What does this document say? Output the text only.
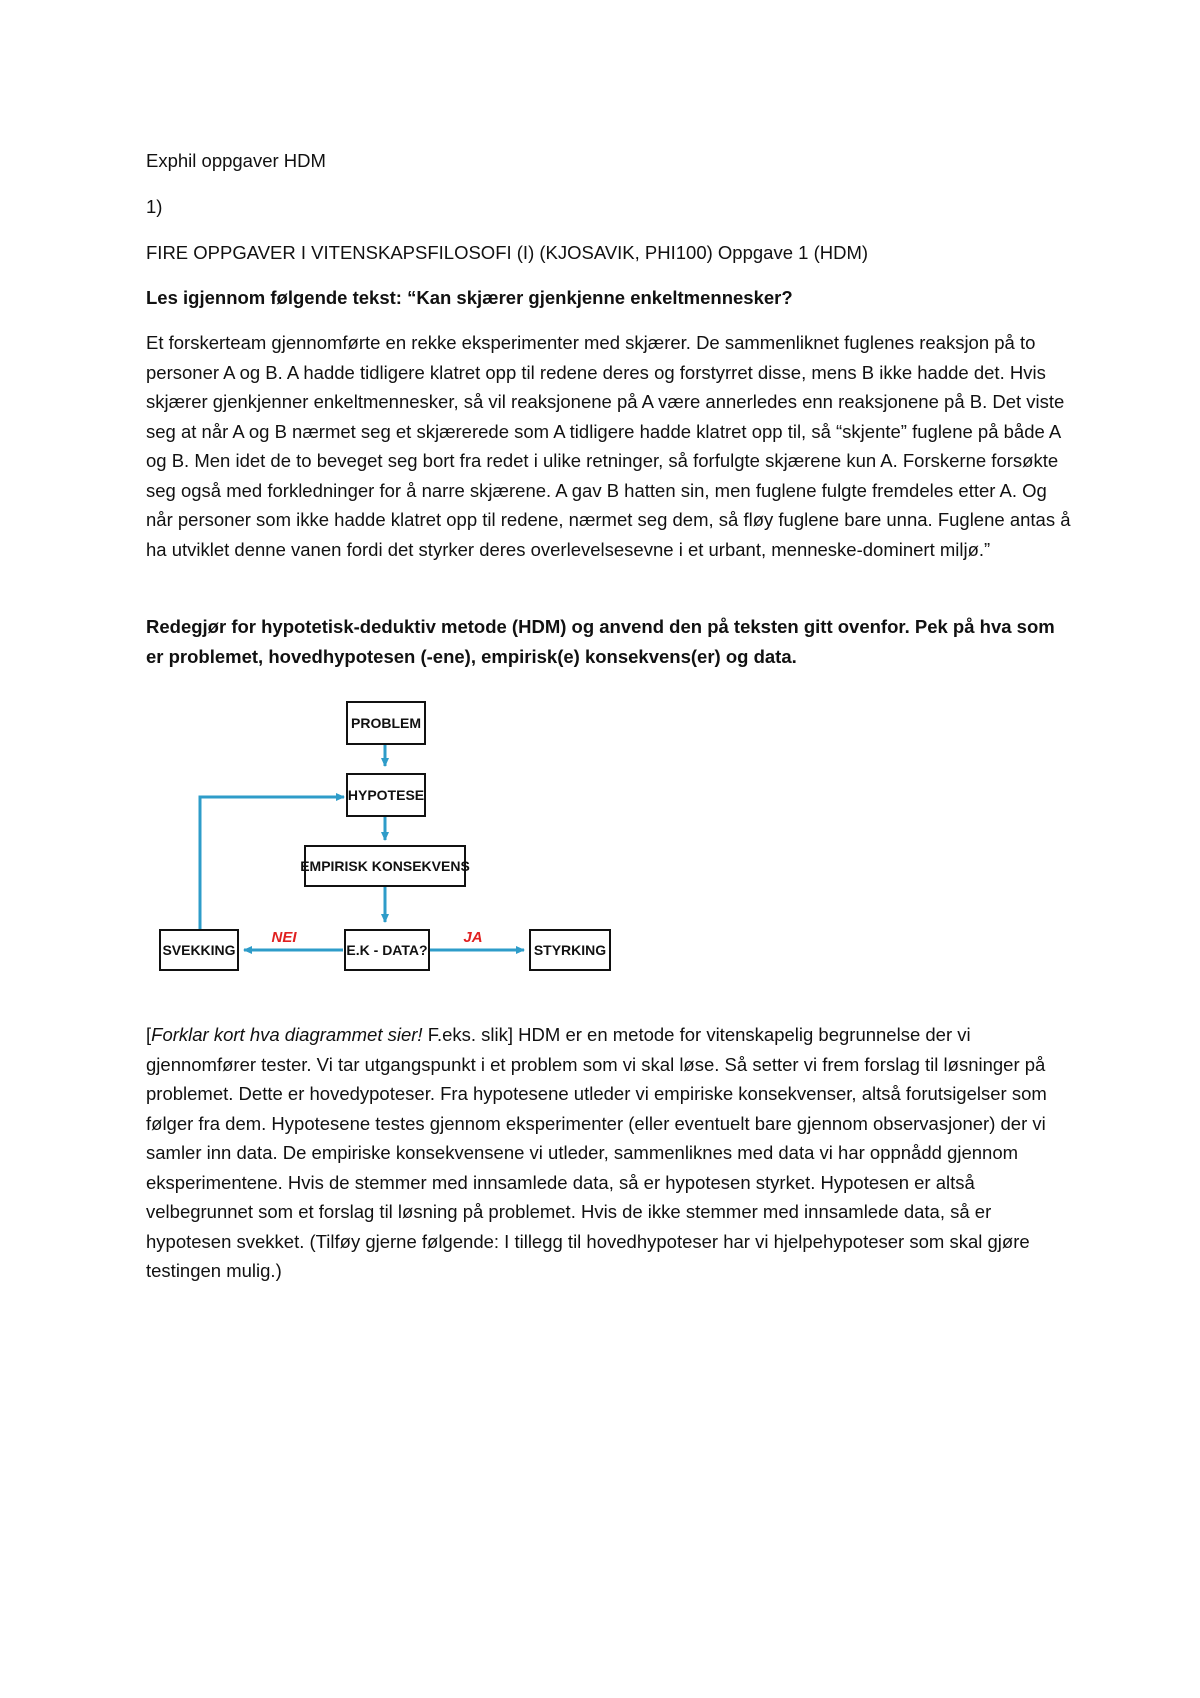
Exphil oppgaver HDM
1)
FIRE OPPGAVER I VITENSKAPSFILOSOFI (I) (KJOSAVIK, PHI100) Oppgave 1 (HDM)
Les igjennom følgende tekst: “Kan skjærer gjenkjenne enkeltmennesker?
Et forskerteam gjennomførte en rekke eksperimenter med skjærer. De sammenliknet fuglenes reaksjon på to personer A og B. A hadde tidligere klatret opp til redene deres og forstyrret disse, mens B ikke hadde det. Hvis skjærer gjenkjenner enkeltmennesker, så vil reaksjonene på A være annerledes enn reaksjonene på B. Det viste seg at når A og B nærmet seg et skjærerede som A tidligere hadde klatret opp til, så “skjente” fuglene på både A og B. Men idet de to beveget seg bort fra redet i ulike retninger, så forfulgte skjærene kun A. Forskerne forsøkte seg også med forkledninger for å narre skjærene. A gav B hatten sin, men fuglene fulgte fremdeles etter A. Og når personer som ikke hadde klatret opp til redene, nærmet seg dem, så fløy fuglene bare unna. Fuglene antas å ha utviklet denne vanen fordi det styrker deres overlevelsesevne i et urbant, menneske-dominert miljø.”
Redegjør for hypotetisk-deduktiv metode (HDM) og anvend den på teksten gitt ovenfor. Pek på hva som er problemet, hovedhypotesen (-ene), empirisk(e) konsekvens(er) og data.
PROBLEM
HYPOTESE
EMPIRISK KONSEKVENS
E.K - DATA?
SVEKKING	STYRKING
NEI	JA
[Forklar kort hva diagrammet sier! F.eks. slik] HDM er en metode for vitenskapelig begrunnelse der vi gjennomfører tester. Vi tar utgangspunkt i et problem som vi skal løse. Så setter vi frem forslag til løsninger på problemet. Dette er hovedypoteser. Fra hypotesene utleder vi empiriske konsekvenser, altså forutsigelser som følger fra dem. Hypotesene testes gjennom eksperimenter (eller eventuelt bare gjennom observasjoner) der vi samler inn data. De empiriske konsekvensene vi utleder, sammenliknes med data vi har oppnådd gjennom eksperimentene. Hvis de stemmer med innsamlede data, så er hypotesen styrket. Hypotesen er altså velbegrunnet som et forslag til løsning på problemet. Hvis de ikke stemmer med innsamlede data, så er hypotesen svekket. (Tilføy gjerne følgende: I tillegg til hovedhypoteser har vi hjelpehypoteser som skal gjøre testingen mulig.)
